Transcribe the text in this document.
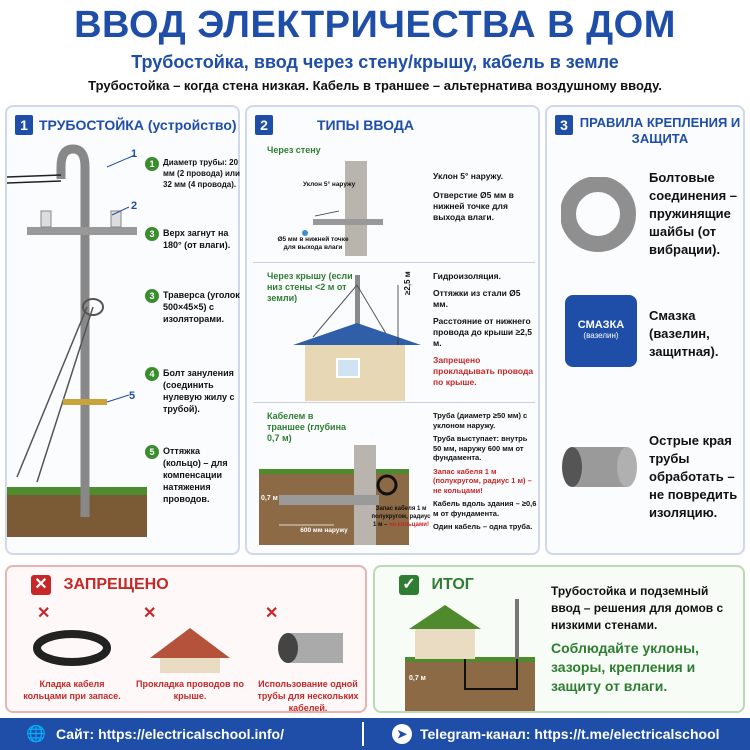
ВВОД ЭЛЕКТРИЧЕСТВА В ДОМ
Трубостойка, ввод через стену/крышу, кабель в земле
Трубостойка – когда стена низкая. Кабель в траншее – альтернатива воздушному вводу.
1 ТРУБОСТОЙКА (устройство)
1
2
5
1	Диаметр трубы: 20 мм (2 провода) или 32 мм (4 провода).
3 Верх загнут на 180° (от влаги).
3 Траверса (уголок 500×45×5) с изоляторами.
4 Болт зануления (соединить нулевую жилу с трубой).
5 Оттяжка (кольцо) – для компенсации натяжения проводов.
2	ТИПЫ ВВОДА
Через стену
Уклон 5° наружу
Ø5 мм в нижней точке для выхода влаги
Уклон 5° наружу.
Отверстие Ø5 мм в нижней точке для выхода влаги.
Через крышу (если низ стены <2 м от земли)
≥2,5 м Гидроизоляция.
Оттяжки из стали Ø5 мм.
Расстояние от нижнего провода до крыши ≥2,5 м.
Запрещено прокладывать провода по крыше.
Кабелем в траншее (глубина 0,7 м)
0,7 м
600 мм наружу
Запас кабеля 1 м полукругом, радиус 1 м – не кольцами!
Труба (диаметр ≥50 мм) с уклоном наружу.
Труба выступает: внутрь 50 мм, наружу 600 мм от фундамента.
Запас кабеля 1 м (полукругом, радиус 1 м) – не кольцами!
Кабель вдоль здания – ≥0,6 м от фундамента.
Один кабель – одна труба.
3 ПРАВИЛА КРЕПЛЕНИЯ И ЗАЩИТА
Болтовые соединения – пружинящие шайбы (от вибрации).
СМАЗКА
(вазелин)
Смазка (вазелин, защитная).
Острые края трубы обработать – не повредить изоляцию.
✕ ЗАПРЕЩЕНО
✕
Кладка кабеля кольцами при запасе.
✕
Прокладка проводов по крыше.
✕
Использование одной трубы для нескольких кабелей.
✓ ИТОГ
0,7 м
Трубостойка и подземный ввод – решения для домов с низкими стенами.
Соблюдайте уклоны, зазоры, крепления и защиту от влаги.
🌐 Сайт: https://electricalschool.info/	➤ Telegram-канал: https://t.me/electricalschool
